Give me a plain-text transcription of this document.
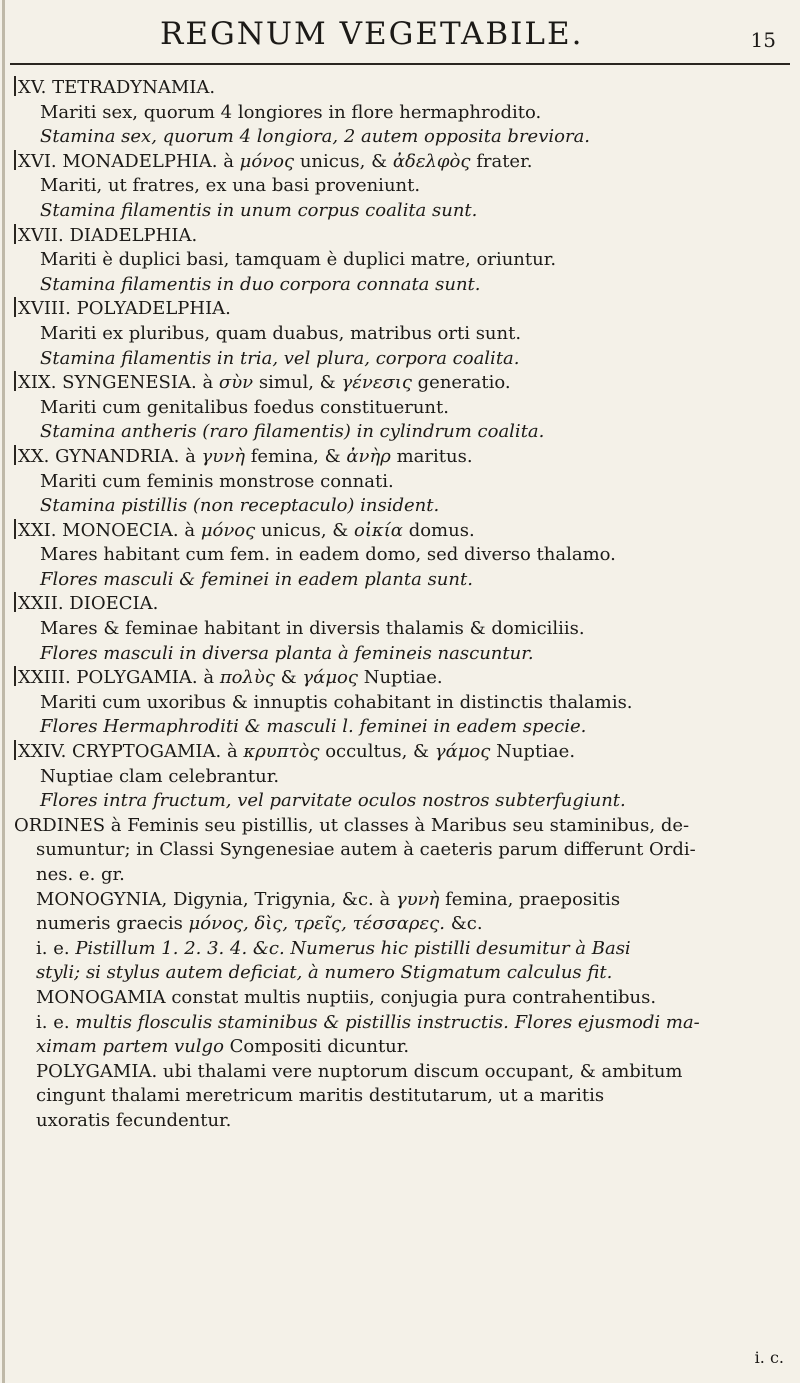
REGNUM VEGETABILE.	15
XV. TETRADYNAMIA.
Mariti sex, quorum 4 longiores in flore hermaphrodito.
Stamina sex, quorum 4 longiora, 2 autem opposita breviora.
XVI. MONADELPHIA. à μόνος unicus, & ἀδελφὸς frater.
Mariti, ut fratres, ex una basi proveniunt.
Stamina filamentis in unum corpus coalita sunt.
XVII. DIADELPHIA.
Mariti è duplici basi, tamquam è duplici matre, oriuntur.
Stamina filamentis in duo corpora connata sunt.
XVIII. POLYADELPHIA.
Mariti ex pluribus, quam duabus, matribus orti sunt.
Stamina filamentis in tria, vel plura, corpora coalita.
XIX. SYNGENESIA. à σὺν simul, & γένεσις generatio.
Mariti cum genitalibus foedus constituerunt.
Stamina antheris (raro filamentis) in cylindrum coalita.
XX. GYNANDRIA. à γυνὴ femina, & ἀνὴρ maritus.
Mariti cum feminis monstrose connati.
Stamina pistillis (non receptaculo) insident.
XXI. MONOECIA. à μόνος unicus, & οἰκία domus.
Mares habitant cum fem. in eadem domo, sed diverso thalamo.
Flores masculi & feminei in eadem planta sunt.
XXII. DIOECIA.
Mares & feminae habitant in diversis thalamis & domiciliis.
Flores masculi in diversa planta à femineis nascuntur.
XXIII. POLYGAMIA. à πολὺς & γάμος Nuptiae.
Mariti cum uxoribus & innuptis cohabitant in distinctis thalamis.
Flores Hermaphroditi & masculi l. feminei in eadem specie.
XXIV. CRYPTOGAMIA. à κρυπτὸς occultus, & γάμος Nuptiae.
Nuptiae clam celebrantur.
Flores intra fructum, vel parvitate oculos nostros subterfugiunt.
ORDINES à Feminis seu pistillis, ut classes à Maribus seu staminibus, de-
sumuntur; in Classi Syngenesiae autem à caeteris parum differunt Ordi-
nes. e. gr.
MONOGYNIA, Digynia, Trigynia, &c. à γυνὴ femina, praepositis
numeris graecis μόνος, δὶς, τρεῖς, τέσσαρες. &c.
i. e. Pistillum 1. 2. 3. 4. &c. Numerus hic pistilli desumitur à Basi
styli; si stylus autem deficiat, à numero Stigmatum calculus fit.
MONOGAMIA constat multis nuptiis, conjugia pura contrahentibus.
i. e. multis flosculis staminibus & pistillis instructis. Flores ejusmodi ma-
ximam partem vulgo Compositi dicuntur.
POLYGAMIA. ubi thalami vere nuptorum discum occupant, & ambitum
cingunt thalami meretricum maritis destitutarum, ut a maritis
uxoratis fecundentur.
i. c.
